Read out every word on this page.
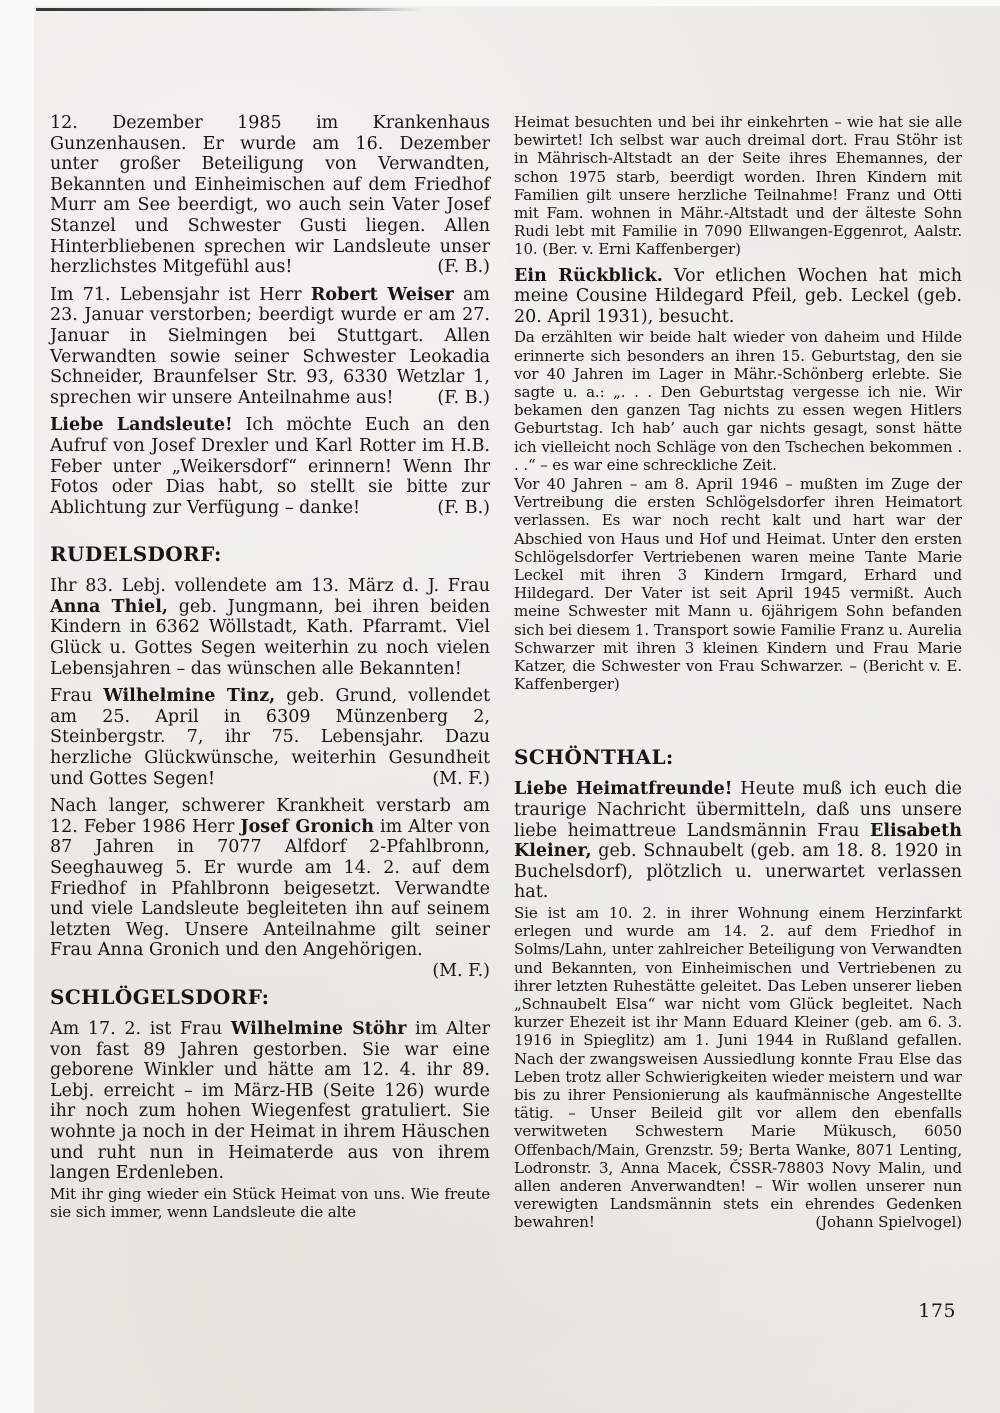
12. Dezember 1985 im Krankenhaus Gunzenhausen. Er wurde am 16. Dezember unter großer Beteiligung von Verwandten, Bekannten und Einheimischen auf dem Friedhof Murr am See beerdigt, wo auch sein Vater Josef Stanzel und Schwester Gusti liegen. Allen Hinterbliebenen sprechen wir Landsleute unser herzlichstes Mitgefühl aus!	(F. B.)
Im 71. Lebensjahr ist Herr Robert Weiser am 23. Januar verstorben; beerdigt wurde er am 27. Januar in Sielmingen bei Stuttgart. Allen Verwandten sowie seiner Schwester Leokadia Schneider, Braunfelser Str. 93, 6330 Wetzlar 1, sprechen wir unsere Anteilnahme aus!	(F. B.)
Liebe Landsleute! Ich möchte Euch an den Aufruf von Josef Drexler und Karl Rotter im H.B. Feber unter „Weikersdorf“ erinnern! Wenn Ihr Fotos oder Dias habt, so stellt sie bitte zur Ablichtung zur Verfügung – danke!	(F. B.)
RUDELSDORF:
Ihr 83. Lebj. vollendete am 13. März d. J. Frau Anna Thiel, geb. Jungmann, bei ihren beiden Kindern in 6362 Wöllstadt, Kath. Pfarramt. Viel Glück u. Gottes Segen weiterhin zu noch vielen Lebensjahren – das wünschen alle Bekannten!
Frau Wilhelmine Tinz, geb. Grund, vollendet am 25. April in 6309 Münzenberg 2, Steinbergstr. 7, ihr 75. Lebensjahr. Dazu herzliche Glückwünsche, weiterhin Gesundheit und Gottes Segen!	(M. F.)
Nach langer, schwerer Krankheit verstarb am 12. Feber 1986 Herr Josef Gronich im Alter von 87 Jahren in 7077 Alfdorf 2-Pfahlbronn, Seeghauweg 5. Er wurde am 14. 2. auf dem Friedhof in Pfahlbronn beigesetzt. Verwandte und viele Landsleute begleiteten ihn auf seinem letzten Weg. Unsere Anteilnahme gilt seiner Frau Anna Gronich und den Angehörigen.
(M. F.)
SCHLÖGELSDORF:
Am 17. 2. ist Frau Wilhelmine Stöhr im Alter von fast 89 Jahren gestorben. Sie war eine geborene Winkler und hätte am 12. 4. ihr 89. Lebj. erreicht – im März-HB (Seite 126) wurde ihr noch zum hohen Wiegenfest gratuliert. Sie wohnte ja noch in der Heimat in ihrem Häuschen und ruht nun in Heimaterde aus von ihrem langen Erdenleben.
Mit ihr ging wieder ein Stück Heimat von uns. Wie freute sie sich immer, wenn Landsleute die alte
Heimat besuchten und bei ihr einkehrten – wie hat sie alle bewirtet! Ich selbst war auch dreimal dort. Frau Stöhr ist in Mährisch-Altstadt an der Seite ihres Ehemannes, der schon 1975 starb, beerdigt worden. Ihren Kindern mit Familien gilt unsere herzliche Teilnahme! Franz und Otti mit Fam. wohnen in Mähr.-Altstadt und der älteste Sohn Rudi lebt mit Familie in 7090 Ellwangen-Eggenrot, Aalstr. 10. (Ber. v. Erni Kaffenberger)
Ein Rückblick. Vor etlichen Wochen hat mich meine Cousine Hildegard Pfeil, geb. Leckel (geb. 20. April 1931), besucht.
Da erzählten wir beide halt wieder von daheim und Hilde erinnerte sich besonders an ihren 15. Geburtstag, den sie vor 40 Jahren im Lager in Mähr.-Schönberg erlebte. Sie sagte u. a.: „. . . Den Geburtstag vergesse ich nie. Wir bekamen den ganzen Tag nichts zu essen wegen Hitlers Geburtstag. Ich hab’ auch gar nichts gesagt, sonst hätte ich vielleicht noch Schläge von den Tschechen bekommen . . .“ – es war eine schreckliche Zeit.
Vor 40 Jahren – am 8. April 1946 – mußten im Zuge der Vertreibung die ersten Schlögelsdorfer ihren Heimatort verlassen. Es war noch recht kalt und hart war der Abschied von Haus und Hof und Heimat. Unter den ersten Schlögelsdorfer Vertriebenen waren meine Tante Marie Leckel mit ihren 3 Kindern Irmgard, Erhard und Hildegard. Der Vater ist seit April 1945 vermißt. Auch meine Schwester mit Mann u. 6jährigem Sohn befanden sich bei diesem 1. Transport sowie Familie Franz u. Aurelia Schwarzer mit ihren 3 kleinen Kindern und Frau Marie Katzer, die Schwester von Frau Schwarzer. – (Bericht v. E. Kaffenberger)
SCHÖNTHAL:
Liebe Heimatfreunde! Heute muß ich euch die traurige Nachricht übermitteln, daß uns unsere liebe heimattreue Landsmännin Frau Elisabeth Kleiner, geb. Schnaubelt (geb. am 18. 8. 1920 in Buchelsdorf), plötzlich u. unerwartet verlassen hat.
Sie ist am 10. 2. in ihrer Wohnung einem Herzinfarkt erlegen und wurde am 14. 2. auf dem Friedhof in Solms/Lahn, unter zahlreicher Beteiligung von Verwandten und Bekannten, von Einheimischen und Vertriebenen zu ihrer letzten Ruhestätte geleitet. Das Leben unserer lieben „Schnaubelt Elsa“ war nicht vom Glück begleitet. Nach kurzer Ehezeit ist ihr Mann Eduard Kleiner (geb. am 6. 3. 1916 in Spieglitz) am 1. Juni 1944 in Rußland gefallen. Nach der zwangsweisen Aussiedlung konnte Frau Else das Leben trotz aller Schwierigkeiten wieder meistern und war bis zu ihrer Pensionierung als kaufmännische Angestellte tätig. – Unser Beileid gilt vor allem den ebenfalls verwitweten Schwestern Marie Mükusch, 6050 Offenbach/Main, Grenzstr. 59; Berta Wanke, 8071 Lenting, Lodronstr. 3, Anna Macek, ČSSR-78803 Novy Malin, und allen anderen Anverwandten! – Wir wollen unserer nun verewigten Landsmännin stets ein ehrendes Gedenken bewahren!	(Johann Spielvogel)
175
